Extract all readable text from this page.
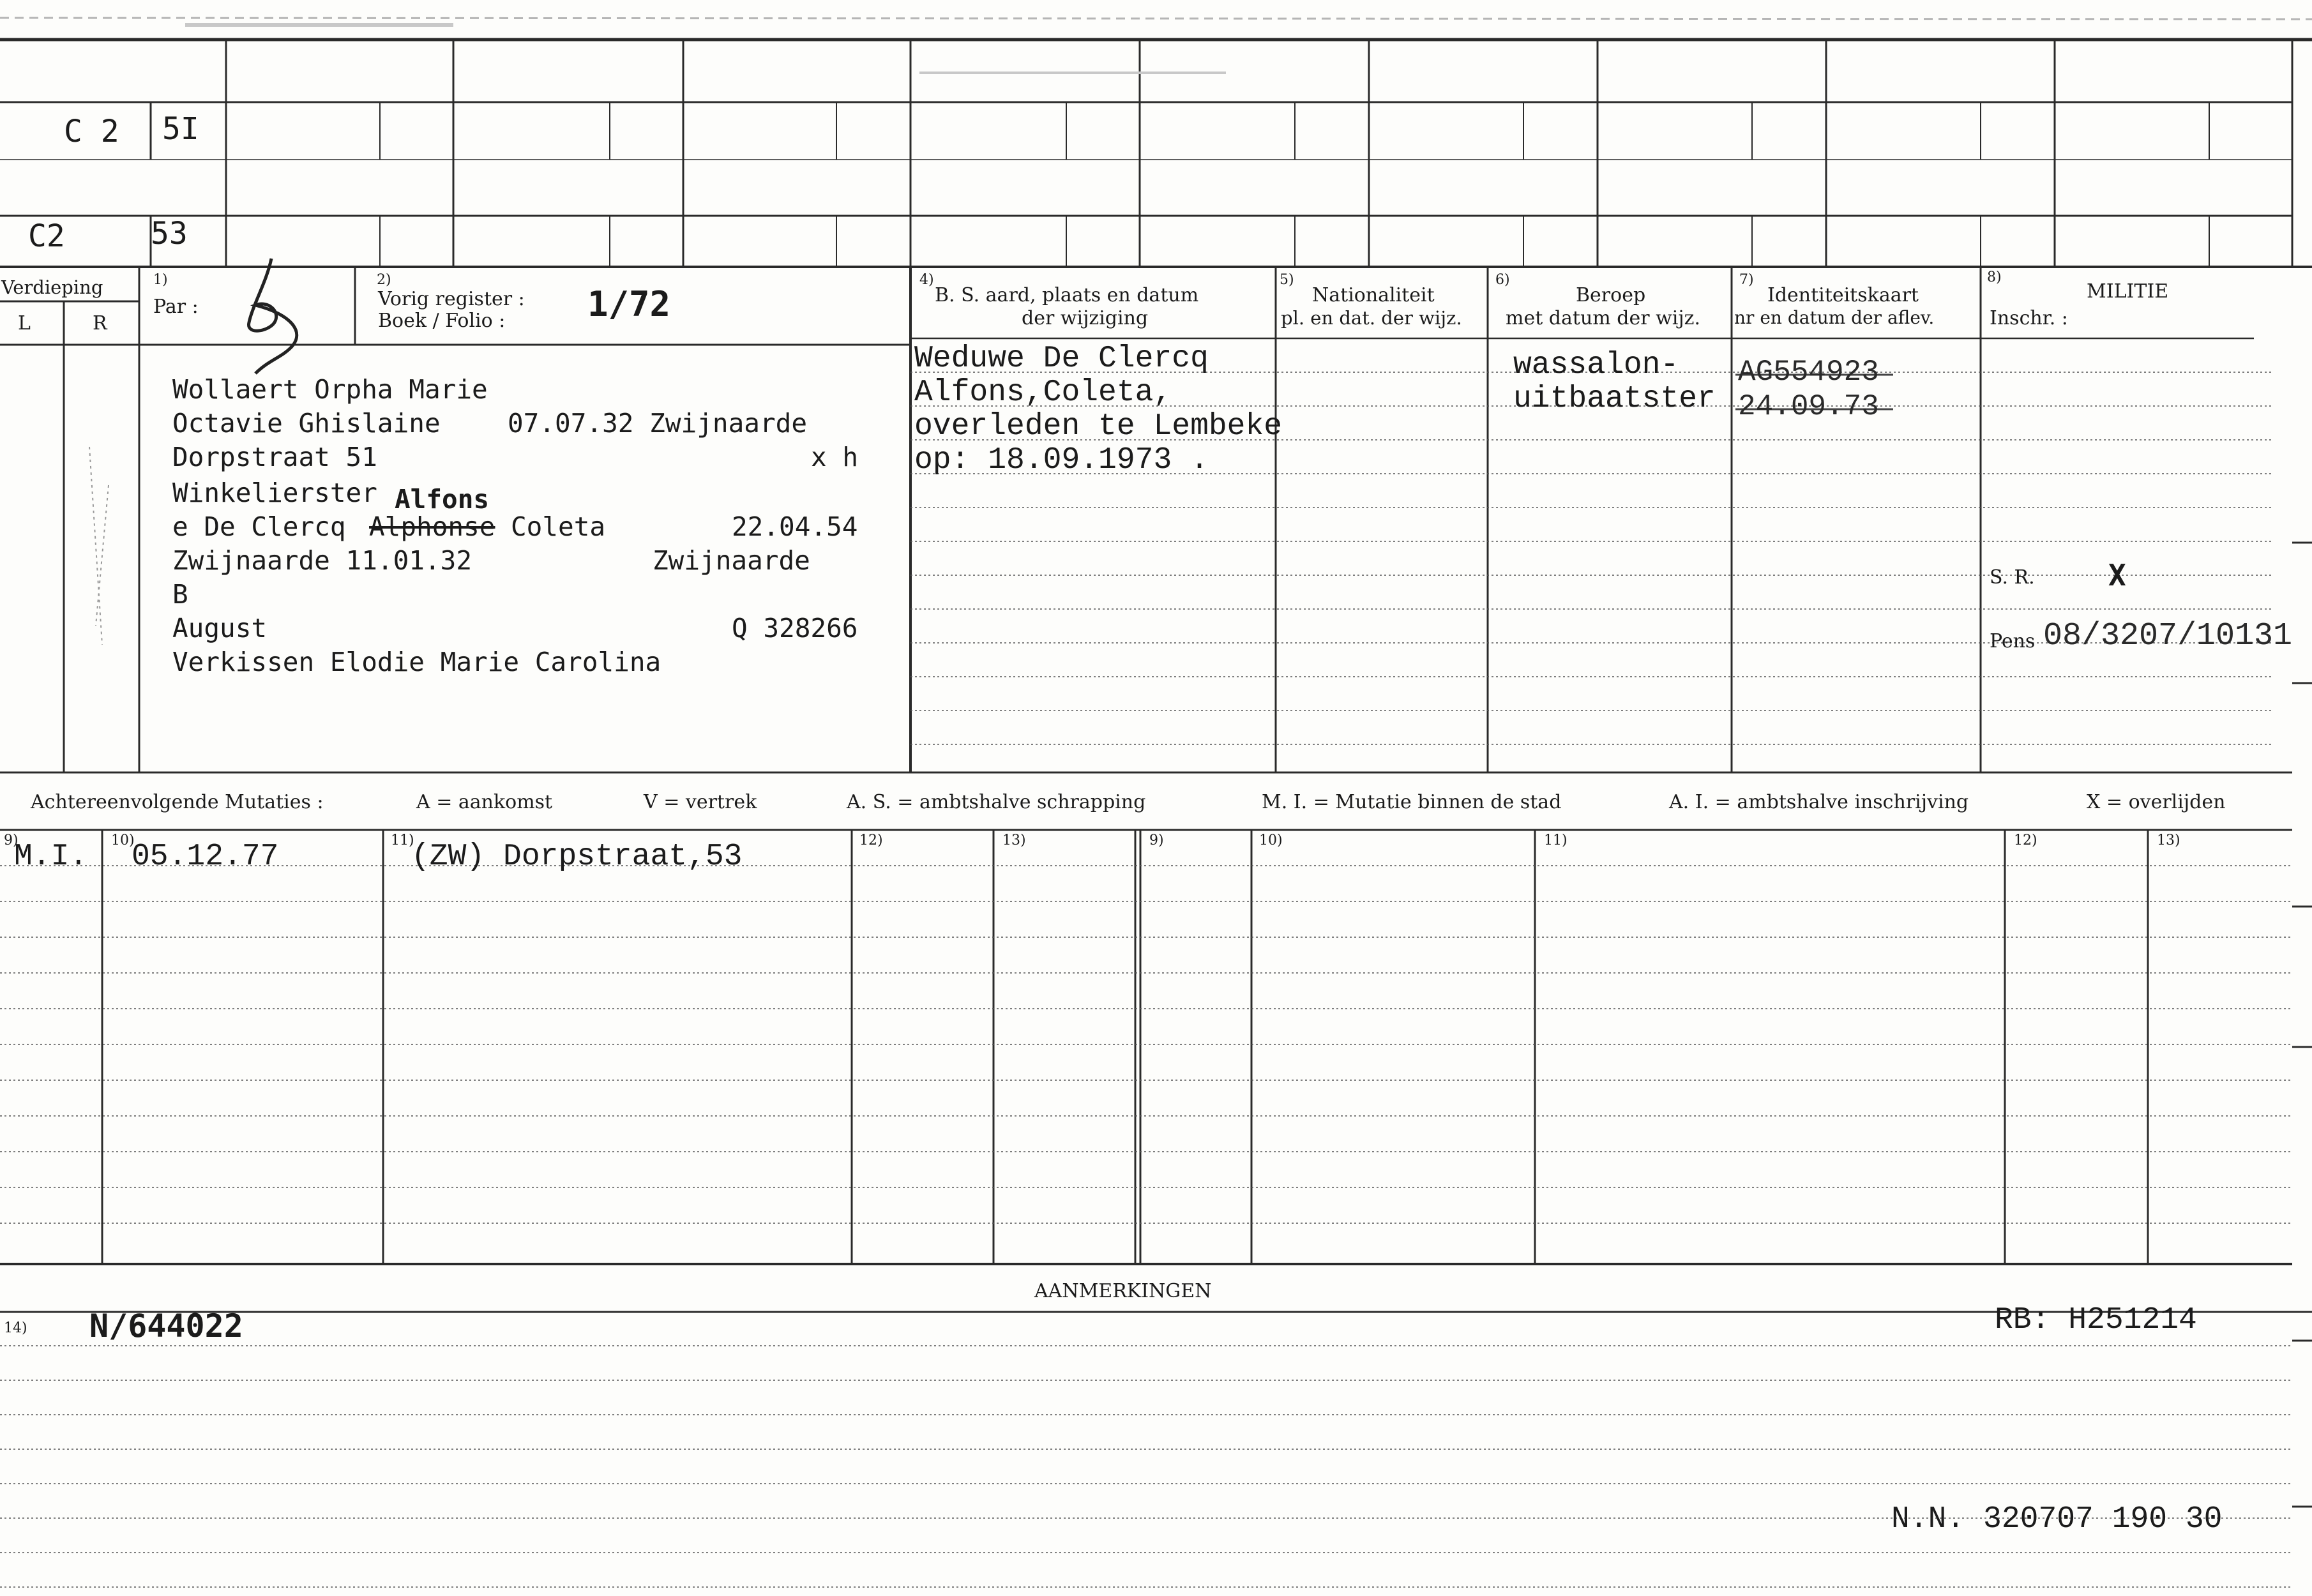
C 2 5I
C2	53
Verdieping
L	R
1)
Par :
2)
Vorig register :
Boek / Folio : 1/72
4)
B. S. aard, plaats en datum
der wijziging
5)
Nationaliteit
pl. en dat. der wijz.
6)
Beroep
met datum der wijz.
7)
Identiteitskaart
nr en datum der aflev.
8)
MILITIE
Inschr. :
Wollaert Orpha Marie
Octavie Ghislaine	07.07.32 Zwijnaarde
Dorpstraat 51	x h
Winkelierster Alfons
e De Clercq Alphonse Coleta	22.04.54
Zwijnaarde 11.01.32	Zwijnaarde
B
August	Q 328266
Verkissen Elodie Marie Carolina
Weduwe De Clercq
Alfons,Coleta,
overleden te Lembeke
op: 18.09.1973 .
wassalon-
uitbaatster
AG554923
24.09.73
S. R.	X
Pens 08/3207/10131
Achtereenvolgende Mutaties :	A = aankomst	V = vertrek	A. S. = ambtshalve schrapping	M. I. = Mutatie binnen de stad	A. I. = ambtshalve inschrijving	X = overlijden
9)	10)	11)	12)	13)	9)	10)	11)	12)	13)
M.I. 05.12.77	(ZW) Dorpstraat,53
AANMERKINGEN
14) N/644022	RB: H251214
N.N. 320707 190 30
